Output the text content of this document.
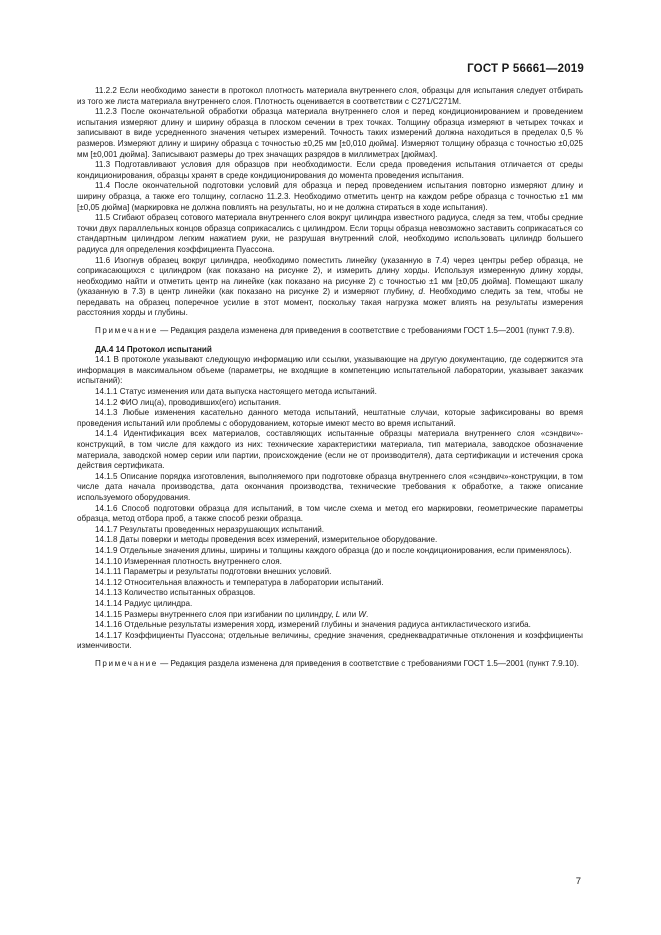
ГОСТ Р 56661—2019

11.2.2 Если необходимо занести в протокол плотность материала внутреннего слоя, образцы для испытания следует отбирать из того же листа материала внутреннего слоя. Плотность оценивается в соответствии с C271/C271M.

11.2.3 После окончательной обработки образца материала внутреннего слоя и перед кондиционированием и проведением испытания измеряют длину и ширину образца в плоском сечении в трех точках. Толщину образца измеряют в четырех точках и записывают в виде усредненного значения четырех измерений. Точность таких измерений должна находиться в пределах 0,5 % размеров. Измеряют длину и ширину образца с точностью ±0,25 мм [±0,010 дюйма]. Измеряют толщину образца с точностью ±0,025 мм [±0,001 дюйма]. Записывают размеры до трех значащих разрядов в миллиметрах [дюймах].

11.3 Подготавливают условия для образцов при необходимости. Если среда проведения испытания отличается от среды кондиционирования, образцы хранят в среде кондиционирования до момента проведения испытания.

11.4 После окончательной подготовки условий для образца и перед проведением испытания повторно измеряют длину и ширину образца, а также его толщину, согласно 11.2.3. Необходимо отметить центр на каждом ребре образца с точностью ±1 мм [±0,05 дюйма] (маркировка не должна повлиять на результаты, но и не должна стираться в ходе испытания).

11.5 Сгибают образец сотового материала внутреннего слоя вокруг цилиндра известного радиуса, следя за тем, чтобы средние точки двух параллельных концов образца соприкасались с цилиндром. Если торцы образца невозможно заставить соприкасаться со стандартным цилиндром легким нажатием руки, не разрушая внутренний слой, необходимо использовать цилиндр большего радиуса для определения коэффициента Пуассона.

11.6 Изогнув образец вокруг цилиндра, необходимо поместить линейку (указанную в 7.4) через центры ребер образца, не соприкасающихся с цилиндром (как показано на рисунке 2), и измерить длину хорды. Используя измеренную длину хорды, необходимо найти и отметить центр на линейке (как показано на рисунке 2) с точностью ±1 мм [±0,05 дюйма]. Помещают шкалу (указанную в 7.3) в центр линейки (как показано на рисунке 2) и измеряют глубину, d. Необходимо следить за тем, чтобы не передавать на образец поперечное усилие в этот момент, поскольку такая нагрузка может влиять на результаты измерения расстояния хорды и глубины.

Примечание — Редакция раздела изменена для приведения в соответствие с требованиями ГОСТ 1.5—2001 (пункт 7.9.8).

ДА.4 14 Протокол испытаний

14.1 В протоколе указывают следующую информацию или ссылки, указывающие на другую документацию, где содержится эта информация в максимальном объеме (параметры, не входящие в компетенцию испытательной лаборатории, указывает заказчик испытаний):

14.1.1 Статус изменения или дата выпуска настоящего метода испытаний.

14.1.2 ФИО лиц(а), проводивших(его) испытания.

14.1.3 Любые изменения касательно данного метода испытаний, нештатные случаи, которые зафиксированы во время проведения испытаний или проблемы с оборудованием, которые имеют место во время испытаний.

14.1.4 Идентификация всех материалов, составляющих испытанные образцы материала внутреннего слоя «сэндвич»-конструкций, в том числе для каждого из них: технические характеристики материала, тип материала, заводское обозначение материала, заводской номер серии или партии, происхождение (если не от производителя), дата сертификации и истечения срока действия сертификата.

14.1.5 Описание порядка изготовления, выполняемого при подготовке образца внутреннего слоя «сэндвич»-конструкции, в том числе дата начала производства, дата окончания производства, технические требования к обработке, а также описание используемого оборудования.

14.1.6 Способ подготовки образца для испытаний, в том числе схема и метод его маркировки, геометрические параметры образца, метод отбора проб, а также способ резки образца.

14.1.7 Результаты проведенных неразрушающих испытаний.

14.1.8 Даты поверки и методы проведения всех измерений, измерительное оборудование.

14.1.9 Отдельные значения длины, ширины и толщины каждого образца (до и после кондиционирования, если применялось).

14.1.10 Измеренная плотность внутреннего слоя.

14.1.11 Параметры и результаты подготовки внешних условий.

14.1.12 Относительная влажность и температура в лаборатории испытаний.

14.1.13 Количество испытанных образцов.

14.1.14 Радиус цилиндра.

14.1.15 Размеры внутреннего слоя при изгибании по цилиндру, L или W.

14.1.16 Отдельные результаты измерения хорд, измерений глубины и значения радиуса антикластического изгиба.

14.1.17 Коэффициенты Пуассона; отдельные величины, средние значения, среднеквадратичные отклонения и коэффициенты изменчивости.

Примечание — Редакция раздела изменена для приведения в соответствие с требованиями ГОСТ 1.5—2001 (пункт 7.9.10).

7
